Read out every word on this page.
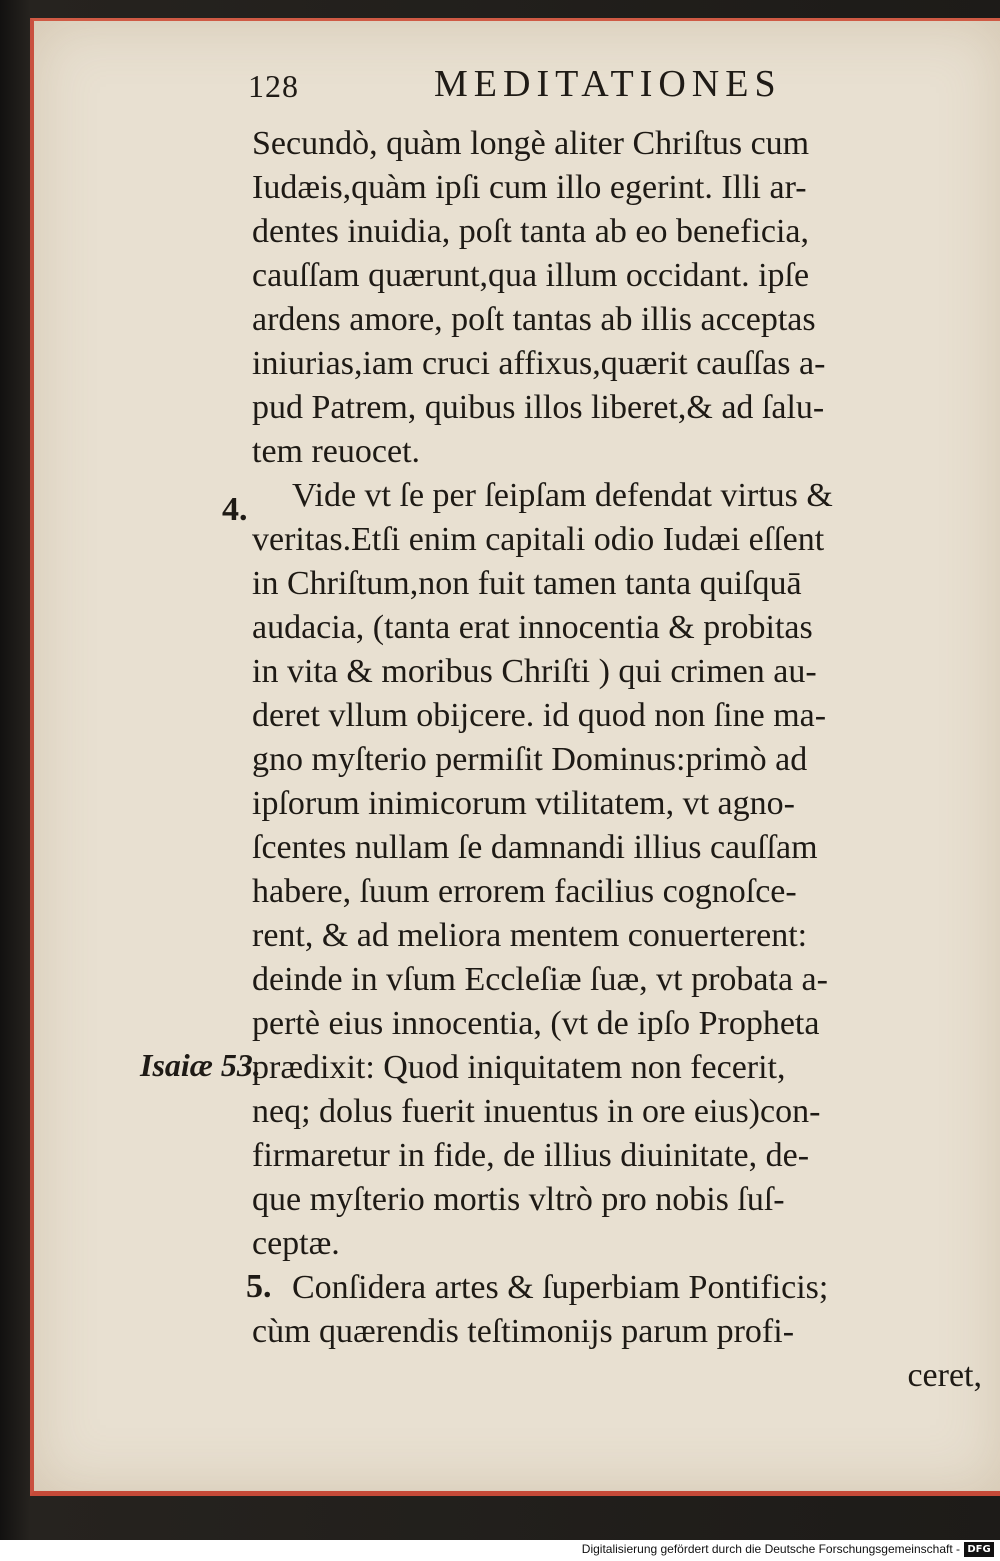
128	MEDITATIONES
4.
Isaiæ 53.
5.
Secundò, quàm longè aliter Chriſtus cum
Iudæis,quàm ipſi cum illo egerint. Illi ar-
dentes inuidia, poſt tanta ab eo beneficia,
cauſſam quærunt,qua illum occidant. ipſe
ardens amore, poſt tantas ab illis acceptas
iniurias,iam cruci affixus,quærit cauſſas a-
pud Patrem, quibus illos liberet,& ad ſalu-
tem reuocet.
Vide vt ſe per ſeipſam defendat virtus &
veritas.Etſi enim capitali odio Iudæi eſſent
in Chriſtum,non fuit tamen tanta quiſquā
audacia, (tanta erat innocentia & probitas
in vita & moribus Chriſti ) qui crimen au-
deret vllum obijcere. id quod non ſine ma-
gno myſterio permiſit Dominus:primò ad
ipſorum inimicorum vtilitatem, vt agno-
ſcentes nullam ſe damnandi illius cauſſam
habere, ſuum errorem facilius cognoſce-
rent, & ad meliora mentem conuerterent:
deinde in vſum Eccleſiæ ſuæ, vt probata a-
pertè eius innocentia, (vt de ipſo Propheta
prædixit: Quod iniquitatem non fecerit,
neq; dolus fuerit inuentus in ore eius)con-
firmaretur in fide, de illius diuinitate, de-
que myſterio mortis vltrò pro nobis ſuſ-
ceptæ.
Conſidera artes & ſuperbiam Pontificis;
cùm quærendis teſtimonijs parum profi-
ceret,
Digitalisierung gefördert durch die Deutsche Forschungsgemeinschaft - DFG
